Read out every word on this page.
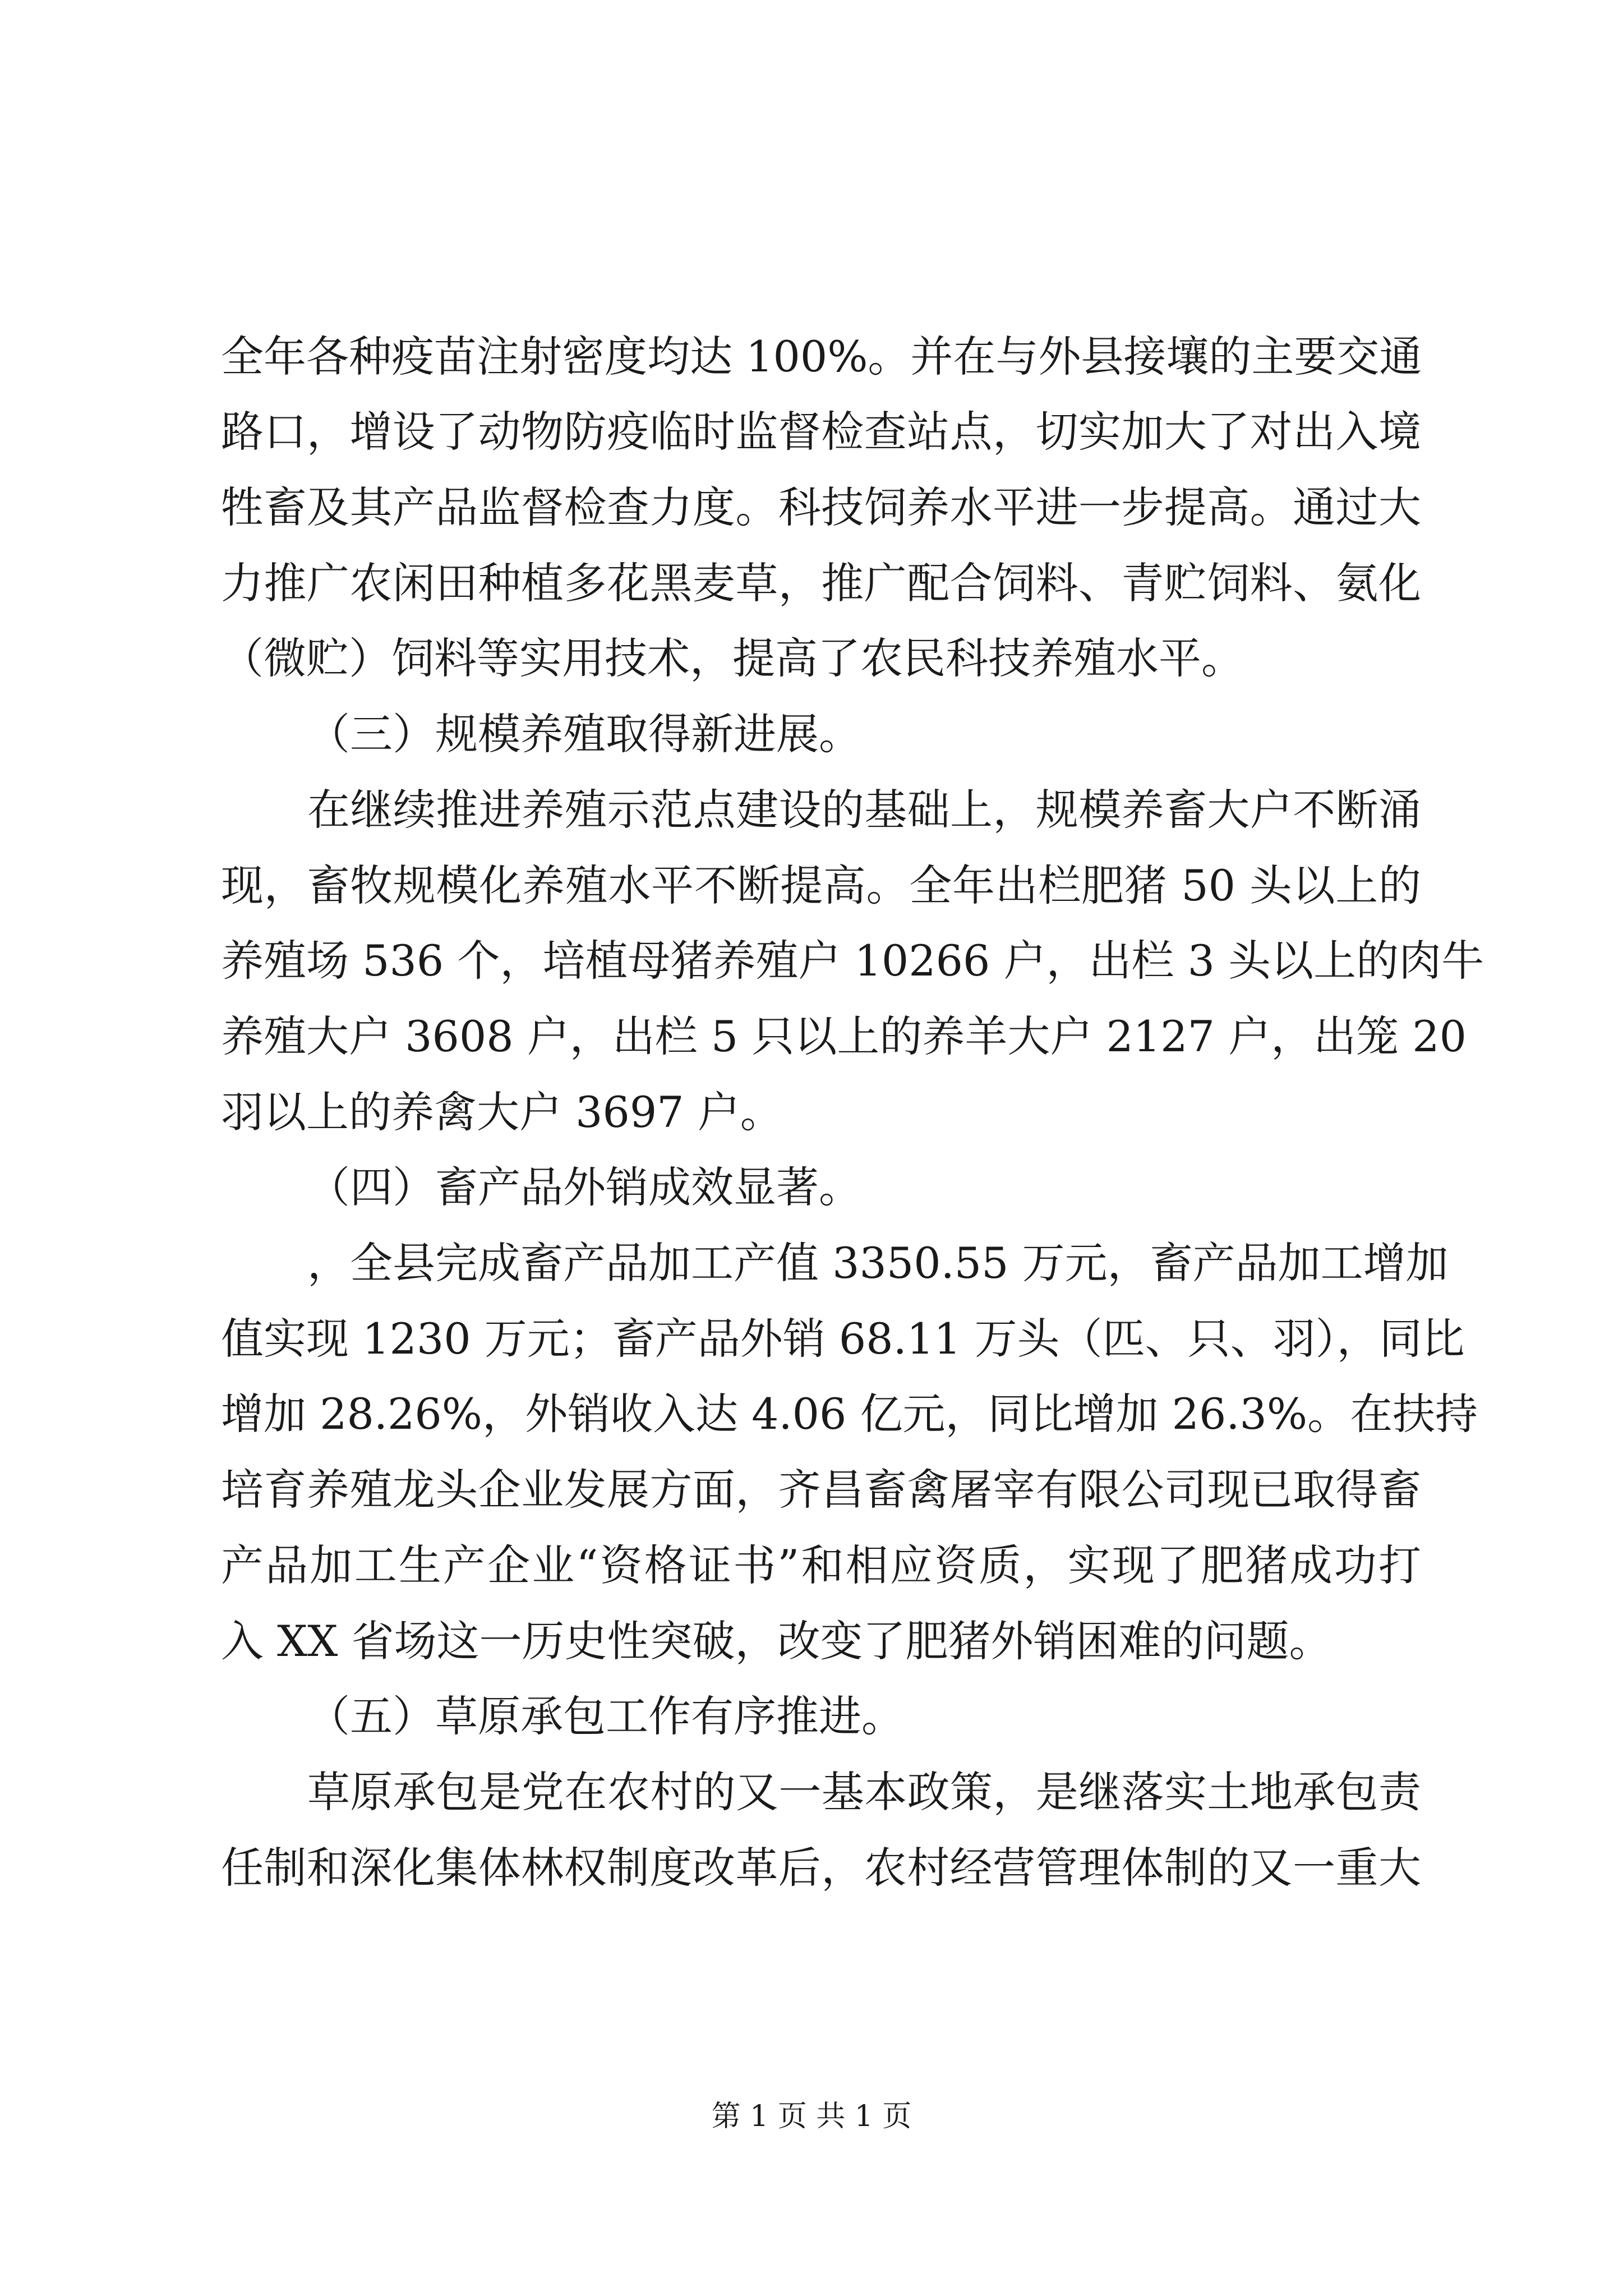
全年各种疫苗注射密度均达 100%。并在与外县接壤的主要交通
路口，增设了动物防疫临时监督检查站点，切实加大了对出入境
牲畜及其产品监督检查力度。科技饲养水平进一步提高。通过大
力推广农闲田种植多花黑麦草，推广配合饲料、青贮饲料、氨化
（微贮）饲料等实用技术，提高了农民科技养殖水平。
（三）规模养殖取得新进展。
在继续推进养殖示范点建设的基础上，规模养畜大户不断涌
现，畜牧规模化养殖水平不断提高。全年出栏肥猪 50 头以上的
养殖场 536 个，培植母猪养殖户 10266 户，出栏 3 头以上的肉牛
养殖大户 3608 户，出栏 5 只以上的养羊大户 2127 户，出笼 20
羽以上的养禽大户 3697 户。
（四）畜产品外销成效显著。
，全县完成畜产品加工产值 3350.55 万元，畜产品加工增加
值实现 1230 万元；畜产品外销 68.11 万头（匹、只、羽），同比
增加 28.26%，外销收入达 4.06 亿元，同比增加 26.3%。在扶持
培育养殖龙头企业发展方面，齐昌畜禽屠宰有限公司现已取得畜
产品加工生产企业“资格证书”和相应资质，实现了肥猪成功打
入 XX 省场这一历史性突破，改变了肥猪外销困难的问题。
（五）草原承包工作有序推进。
草原承包是党在农村的又一基本政策，是继落实土地承包责
任制和深化集体林权制度改革后，农村经营管理体制的又一重大
第 1 页 共 1 页
